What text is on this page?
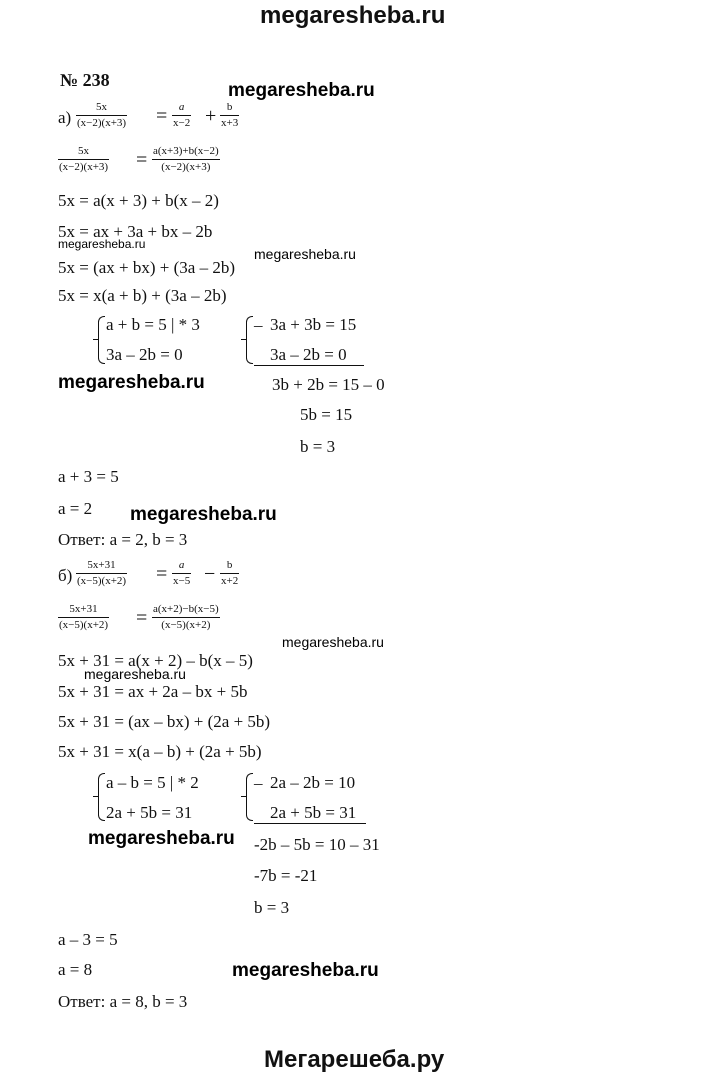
megaresheba.ru
Мегарешеба.ру
№ 238
$а) \frac{5x}{(x-2)(x+3)} = \frac{a}{x-2} + \frac{b}{x+3}$
$\frac{5x}{(x-2)(x+3)} = \frac{a(x+3)+b(x-2)}{(x-2)(x+3)}$
5x = a(x + 3) + b(x – 2)
5x = ax + 3a + bx – 2b
5x = (ax + bx) + (3a – 2b)
5x = x(a + b) + (3a – 2b)
a + b = 5 | * 3
3a – 2b = 0
_ 3a + 3b = 15
3a – 2b = 0
3b + 2b = 15 – 0
5b = 15
b = 3
a + 3 = 5
a = 2
Ответ: a = 2, b = 3
$б) \frac{5x+31}{(x-5)(x+2)} = \frac{a}{x-5} - \frac{b}{x+2}$
$\frac{5x+31}{(x-5)(x+2)} = \frac{a(x+2)-b(x-5)}{(x-5)(x+2)}$
5x + 31 = a(x + 2) – b(x – 5)
5x + 31 = ax + 2a – bx + 5b
5x + 31 = (ax – bx) + (2a + 5b)
5x + 31 = x(a – b) + (2a + 5b)
a – b = 5 | * 2
2a + 5b = 31
_ 2a – 2b = 10
2a + 5b = 31
-2b – 5b = 10 – 31
-7b = -21
b = 3
a – 3 = 5
a = 8
Ответ: a = 8, b = 3
megaresheba.ru
megaresheba.ru
megaresheba.ru
megaresheba.ru
megaresheba.ru
megaresheba.ru
megaresheba.ru
megaresheba.ru
megaresheba.ru
